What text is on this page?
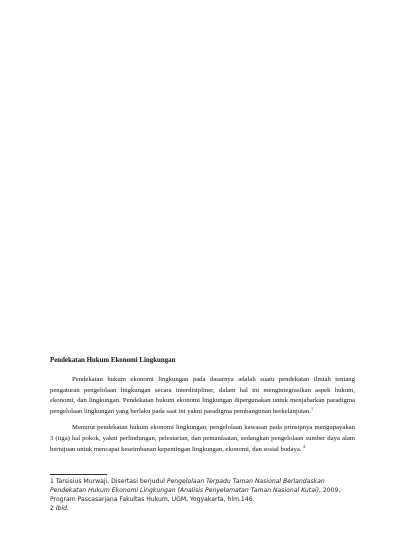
Pendekatan Hukum Ekonomi Lingkungan

Pendekatan hukum ekonomi lingkungan pada dasarnya adalah suatu pendekatan ilmiah tentang pengaturan pengelolaan lingkungan secara interdisipliner, dalam hal ini mengintegrasikan aspek hukum, ekonomi, dan lingkungan. Pendekatan hukum ekonomi lingkungan dipergunakan untuk menjabarkan paradigma pengelolaan lingkungan yang berlaku pada saat ini yakni paradigma pembangunan berkelanjutan.$^1$

Menurut pendekatan hukum ekonomi lingkungan, pengelolaan kawasan pada prinsipnya mengupayakan 3 (tiga) hal pokok, yakni perlindungan, pelestarian, dan pemanfaatan, sedangkan pengelolaan sumber daya alam bertujuan untuk mencapai keseimbanan kepentingan lingkungan, ekonomi, dan sosial budaya. $^2$

1 Tarsisius Murwaji, Disertasi berjudul Pengelolaan Terpadu Taman Nasional Berlandaskan Pendekatan Hukum Ekonomi Lingkungan (Analisis Penyelamatan Taman Nasional Kutai), 2009, Program Pascasarjana Fakultas Hukum, UGM, Yogyakarta, hlm.146.

2 Ibid.
